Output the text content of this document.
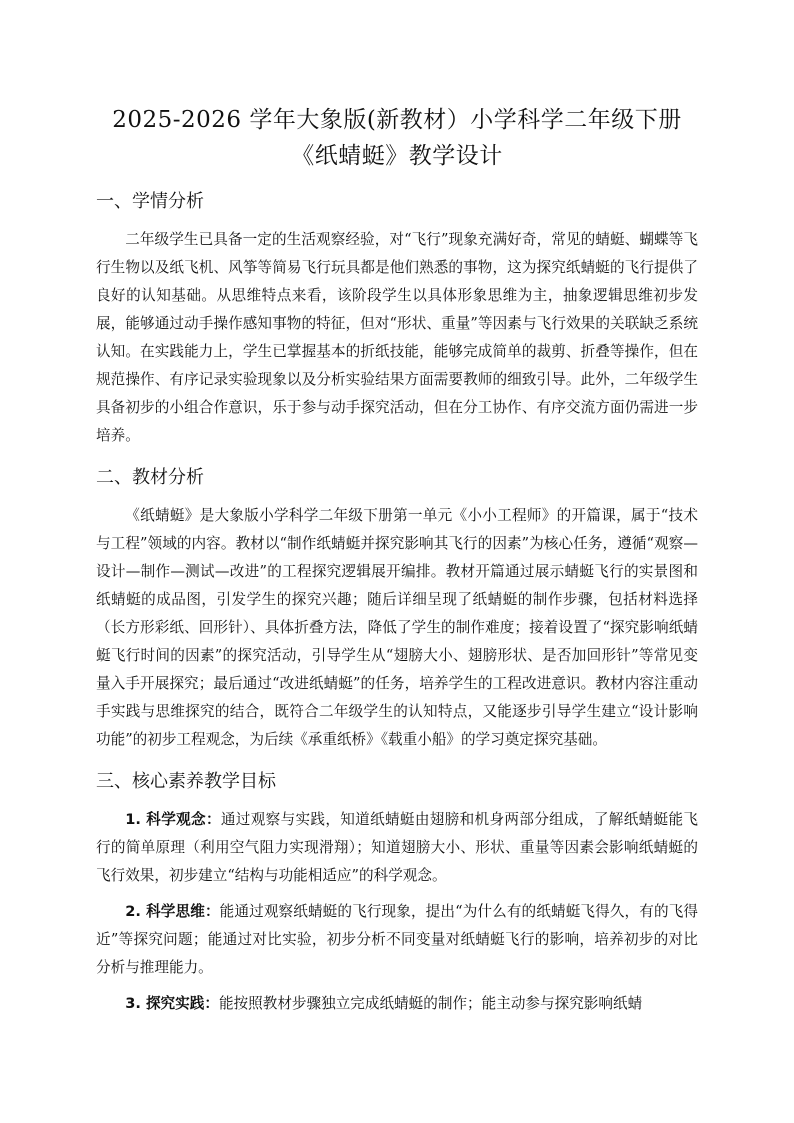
2025-2026 学年大象版(新教材）小学科学二年级下册《纸蜻蜓》教学设计
一、学情分析

二年级学生已具备一定的生活观察经验，对“飞行”现象充满好奇，常见的蜻蜓、蝴蝶等飞行生物以及纸飞机、风筝等简易飞行玩具都是他们熟悉的事物，这为探究纸蜻蜓的飞行提供了良好的认知基础。从思维特点来看，该阶段学生以具体形象思维为主，抽象逻辑思维初步发展，能够通过动手操作感知事物的特征，但对“形状、重量”等因素与飞行效果的关联缺乏系统认知。在实践能力上，学生已掌握基本的折纸技能，能够完成简单的裁剪、折叠等操作，但在规范操作、有序记录实验现象以及分析实验结果方面需要教师的细致引导。此外，二年级学生具备初步的小组合作意识，乐于参与动手探究活动，但在分工协作、有序交流方面仍需进一步培养。

二、教材分析

《纸蜻蜓》是大象版小学科学二年级下册第一单元《小小工程师》的开篇课，属于“技术与工程”领域的内容。教材以“制作纸蜻蜓并探究影响其飞行的因素”为核心任务，遵循“观察—设计—制作—测试—改进”的工程探究逻辑展开编排。教材开篇通过展示蜻蜓飞行的实景图和纸蜻蜓的成品图，引发学生的探究兴趣；随后详细呈现了纸蜻蜓的制作步骤，包括材料选择（长方形彩纸、回形针）、具体折叠方法，降低了学生的制作难度；接着设置了“探究影响纸蜻蜓飞行时间的因素”的探究活动，引导学生从“翅膀大小、翅膀形状、是否加回形针”等常见变量入手开展探究；最后通过“改进纸蜻蜓”的任务，培养学生的工程改进意识。教材内容注重动手实践与思维探究的结合，既符合二年级学生的认知特点，又能逐步引导学生建立“设计影响功能”的初步工程观念，为后续《承重纸桥》《载重小船》的学习奠定探究基础。

三、核心素养教学目标

1. 科学观念：通过观察与实践，知道纸蜻蜓由翅膀和机身两部分组成，了解纸蜻蜓能飞行的简单原理（利用空气阻力实现滑翔）；知道翅膀大小、形状、重量等因素会影响纸蜻蜓的飞行效果，初步建立“结构与功能相适应”的科学观念。

2. 科学思维：能通过观察纸蜻蜓的飞行现象，提出“为什么有的纸蜻蜓飞得久，有的飞得近”等探究问题；能通过对比实验，初步分析不同变量对纸蜻蜓飞行的影响，培养初步的对比分析与推理能力。

3. 探究实践：能按照教材步骤独立完成纸蜻蜓的制作；能主动参与探究影响纸蜻
